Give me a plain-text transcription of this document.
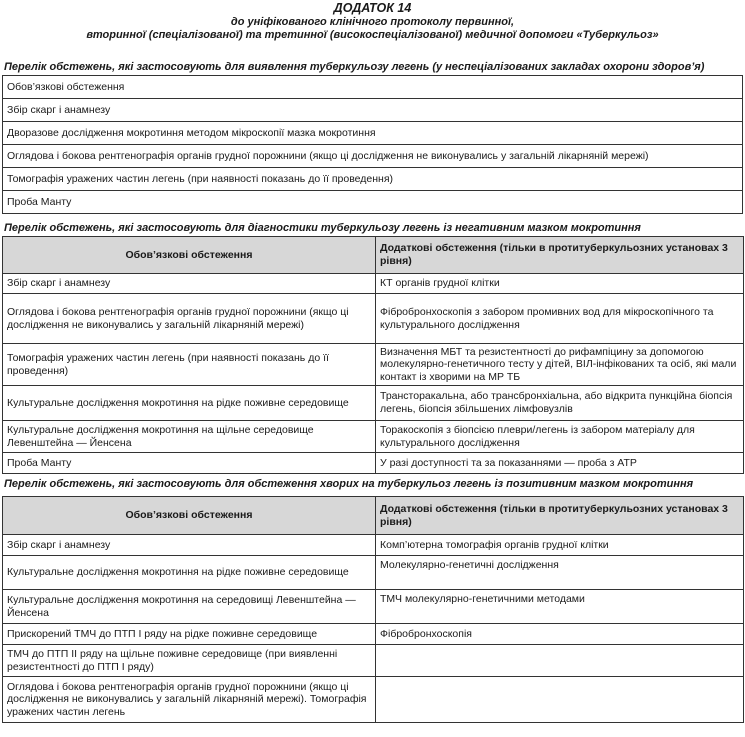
ДОДАТОК 14
до уніфікованого клінічного протоколу первинної,
вторинної (спеціалізованої) та третинної (високоспеціалізованої) медичної допомоги «Туберкульоз»
Перелік обстежень, які застосовують для виявлення туберкульозу легень (у неспеціалізованих закладах охорони здоров’я)
Обов’язкові обстеження
Збір скарг і анамнезу
Дворазове дослідження мокротиння методом мікроскопії мазка мокротиння
Оглядова і бокова рентгенографія органів грудної порожнини (якщо ці дослідження не виконувались у загальній лікарняній мережі)
Томографія уражених частин легень (при наявності показань до її проведення)
Проба Манту
Перелік обстежень, які застосовують для діагностики туберкульозу легень із негативним мазком мокротиння
Обов’язкові обстеження	Додаткові обстеження (тільки в протитуберкульозних установах 3 рівня)
Збір скарг і анамнезу	КТ органів грудної клітки
Оглядова і бокова рентгенографія органів грудної порожнини (якщо ці дослідження не виконувались у загальній лікарняній мережі)	Фібробронхоскопія з забором промивних вод для мікроскопічного та культурального дослідження
Томографія уражених частин легень (при наявності показань до її проведення)	Визначення МБТ та резистентності до рифампіцину за допомогою молекулярно-генетичного тесту у дітей, ВІЛ-інфікованих та осіб, які мали контакт із хворими на МР ТБ
Культуральне дослідження мокротиння на рідке поживне середовище	Трансторакальна, або трансбронхіальна, або відкрита пункційна біопсія легень, біопсія збільшених лімфовузлів
Культуральне дослідження мокротиння на щільне середовище Левенштейна — Йенсена	Торакоскопія з біопсією плеври/легень із забором матеріалу для культурального дослідження
Проба Манту	У разі доступності та за показаннями — проба з АТР
Перелік обстежень, які застосовують для обстеження хворих на туберкульоз легень із позитивним мазком мокротиння
Обов’язкові обстеження	Додаткові обстеження (тільки в протитуберкульозних установах 3 рівня)
Збір скарг і анамнезу	Комп’ютерна томографія органів грудної клітки
Культуральне дослідження мокротиння на рідке поживне середовище	Молекулярно-генетичні дослідження
Культуральне дослідження мокротиння на середовищі Левенштейна — Йенсена	ТМЧ молекулярно-генетичними методами
Прискорений ТМЧ до ПТП І ряду на рідке поживне середовище	Фібробронхоскопія
ТМЧ до ПТП ІІ ряду на щільне поживне середовище (при виявленні резистентності до ПТП І ряду)	
Оглядова і бокова рентгенографія органів грудної порожнини (якщо ці дослідження не виконувались у загальній лікарняній мережі). Томографія уражених частин легень	
